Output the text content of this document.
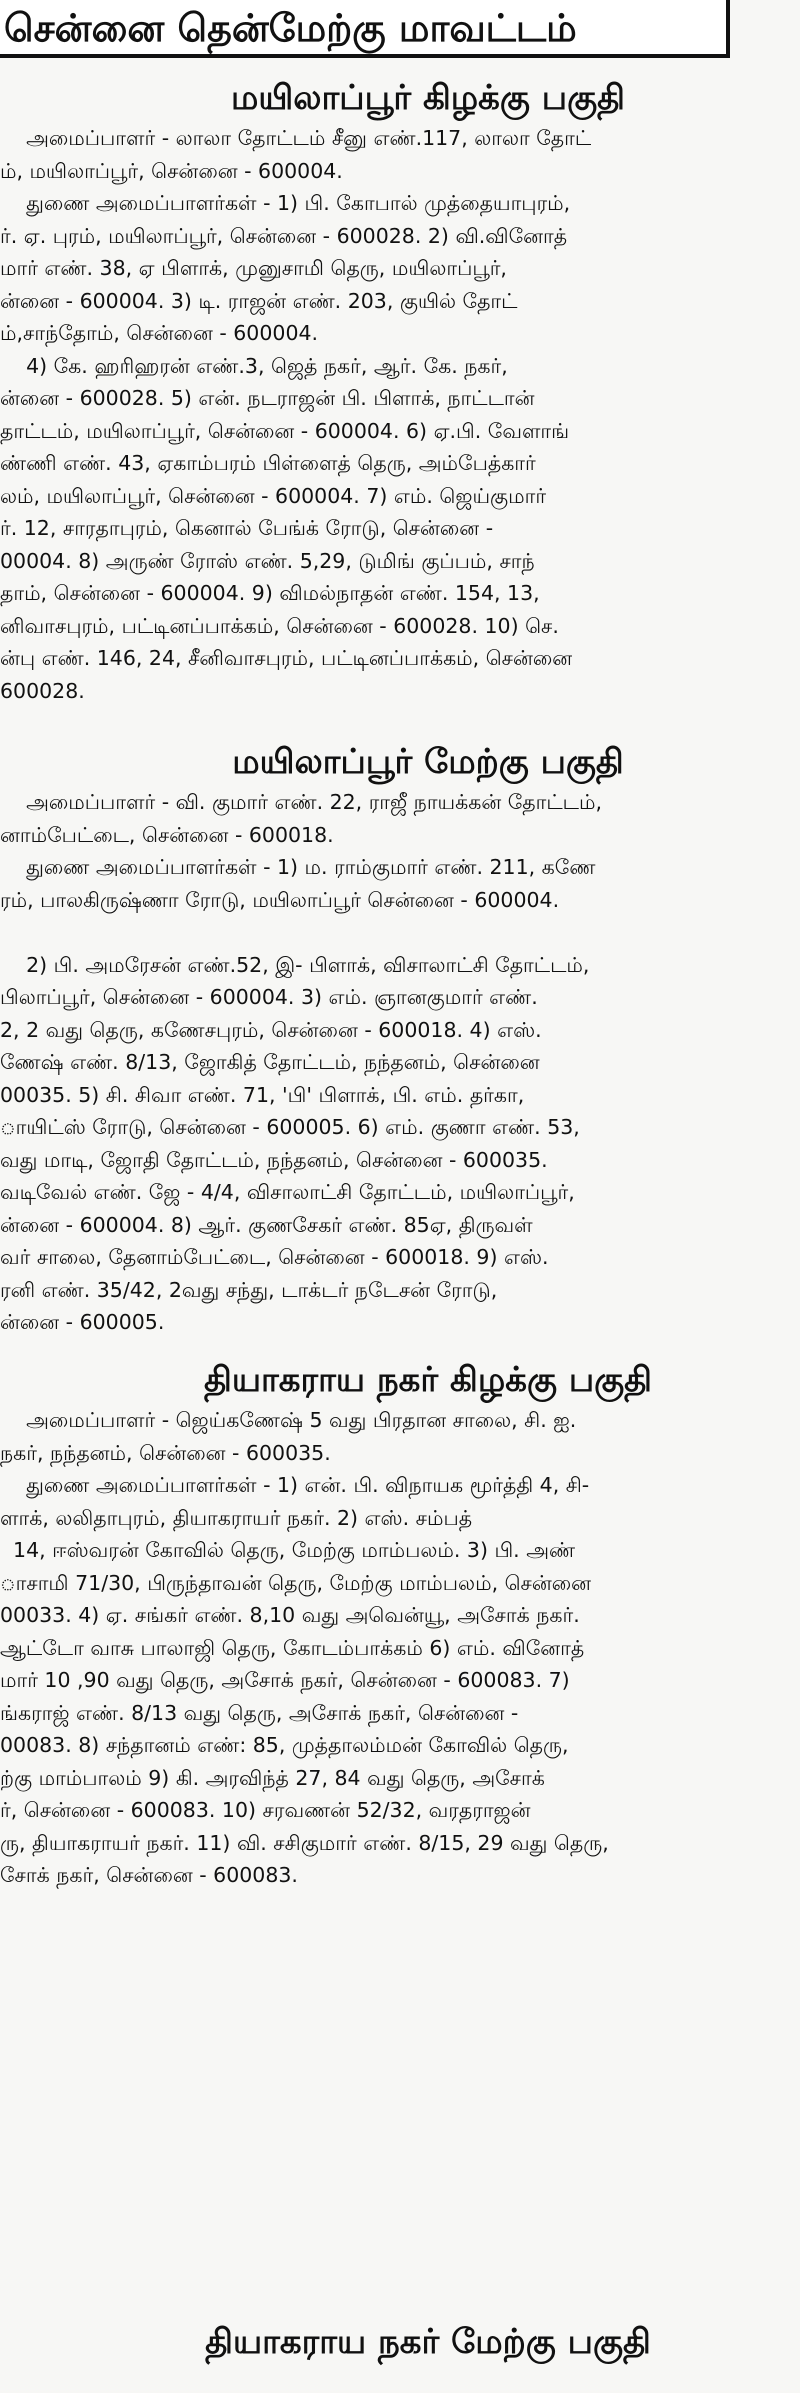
சென்னை தென்மேற்கு மாவட்டம்
மயிலாப்பூர் கிழக்கு பகுதி
அமைப்பாளர் - லாலா தோட்டம் சீனு எண்.117, லாலா தோட்
ம், மயிலாப்பூர், சென்னை - 600004.
துணை அமைப்பாளர்கள் - 1) பி. கோபால் முத்தையாபுரம்,
ர். ஏ. புரம், மயிலாப்பூர், சென்னை - 600028. 2) வி.வினோத்
மார் எண். 38, ஏ பிளாக், முனுசாமி தெரு, மயிலாப்பூர்,
ன்னை - 600004. 3) டி. ராஜன் எண். 203, குயில் தோட்
ம்,சாந்தோம், சென்னை - 600004.
4) கே. ஹரிஹரன் எண்.3, ஜெத் நகர், ஆர். கே. நகர்,
ன்னை - 600028. 5) என். நடராஜன் பி. பிளாக், நாட்டான்
தாட்டம், மயிலாப்பூர், சென்னை - 600004. 6) ஏ.பி. வேளாங்
ண்ணி எண். 43, ஏகாம்பரம் பிள்ளைத் தெரு, அம்பேத்கார்
லம், மயிலாப்பூர், சென்னை - 600004. 7) எம். ஜெய்குமார்
ர். 12, சாரதாபுரம், கெனால் பேங்க் ரோடு, சென்னை -
00004. 8) அருண் ரோஸ் எண். 5,29, டுமிங் குப்பம், சாந்
தாம், சென்னை - 600004. 9) விமல்நாதன் எண். 154, 13,
னிவாசபுரம், பட்டினப்பாக்கம், சென்னை - 600028. 10) செ.
ன்பு எண். 146, 24, சீனிவாசபுரம், பட்டினப்பாக்கம், சென்னை
600028.
மயிலாப்பூர் மேற்கு பகுதி
அமைப்பாளர் - வி. குமார் எண். 22, ராஜீ நாயக்கன் தோட்டம்,
னாம்பேட்டை, சென்னை - 600018.
துணை அமைப்பாளர்கள் - 1) ம. ராம்குமார் எண். 211, கணே
ரம், பாலகிருஷ்ணா ரோடு, மயிலாப்பூர் சென்னை - 600004.

2) பி. அமரேசன் எண்.52, இ- பிளாக், விசாலாட்சி தோட்டம்,
பிலாப்பூர், சென்னை - 600004. 3) எம். ஞானகுமார் எண்.
2, 2 வது தெரு, கணேசபுரம், சென்னை - 600018. 4) எஸ்.
ணேஷ் எண். 8/13, ஜோகித் தோட்டம், நந்தனம், சென்னை
00035. 5) சி. சிவா எண். 71, 'பி' பிளாக், பி. எம். தர்கா,
ாயிட்ஸ் ரோடு, சென்னை - 600005. 6) எம். குணா எண். 53,
வது மாடி, ஜோதி தோட்டம், நந்தனம், சென்னை - 600035.
வடிவேல் எண். ஜே - 4/4, விசாலாட்சி தோட்டம், மயிலாப்பூர்,
ன்னை - 600004. 8) ஆர். குணசேகர் எண். 85ஏ, திருவள்
வர் சாலை, தேனாம்பேட்டை, சென்னை - 600018. 9) எஸ்.
ரனி எண். 35/42, 2வது சந்து, டாக்டர் நடேசன் ரோடு,
ன்னை - 600005.
தியாகராய நகர் கிழக்கு பகுதி
அமைப்பாளர் - ஜெய்கணேஷ் 5 வது பிரதான சாலை, சி. ஐ.
நகர், நந்தனம், சென்னை - 600035.
துணை அமைப்பாளர்கள் - 1) என். பி. விநாயக மூர்த்தி 4, சி-
ளாக், லலிதாபுரம், தியாகராயர் நகர். 2) எஸ். சம்பத்
14, ஈஸ்வரன் கோவில் தெரு, மேற்கு மாம்பலம். 3) பி. அண்
ாசாமி 71/30, பிருந்தாவன் தெரு, மேற்கு மாம்பலம், சென்னை
00033. 4) ஏ. சங்கர் எண். 8,10 வது அவென்யூ, அசோக் நகர்.
ஆட்டோ வாசு பாலாஜி தெரு, கோடம்பாக்கம் 6) எம். வினோத்
மார் 10 ,90 வது தெரு, அசோக் நகர், சென்னை - 600083. 7)
ங்கராஜ் எண். 8/13 வது தெரு, அசோக் நகர், சென்னை -
00083. 8) சந்தானம் எண்: 85, முத்தாலம்மன் கோவில் தெரு,
ற்கு மாம்பாலம் 9) கி. அரவிந்த் 27, 84 வது தெரு, அசோக்
ர், சென்னை - 600083. 10) சரவணன் 52/32, வரதராஜன்
ரு, தியாகராயர் நகர். 11) வி. சசிகுமார் எண். 8/15, 29 வது தெரு,
சோக் நகர், சென்னை - 600083.
தியாகராய நகர் மேற்கு பகுதி
